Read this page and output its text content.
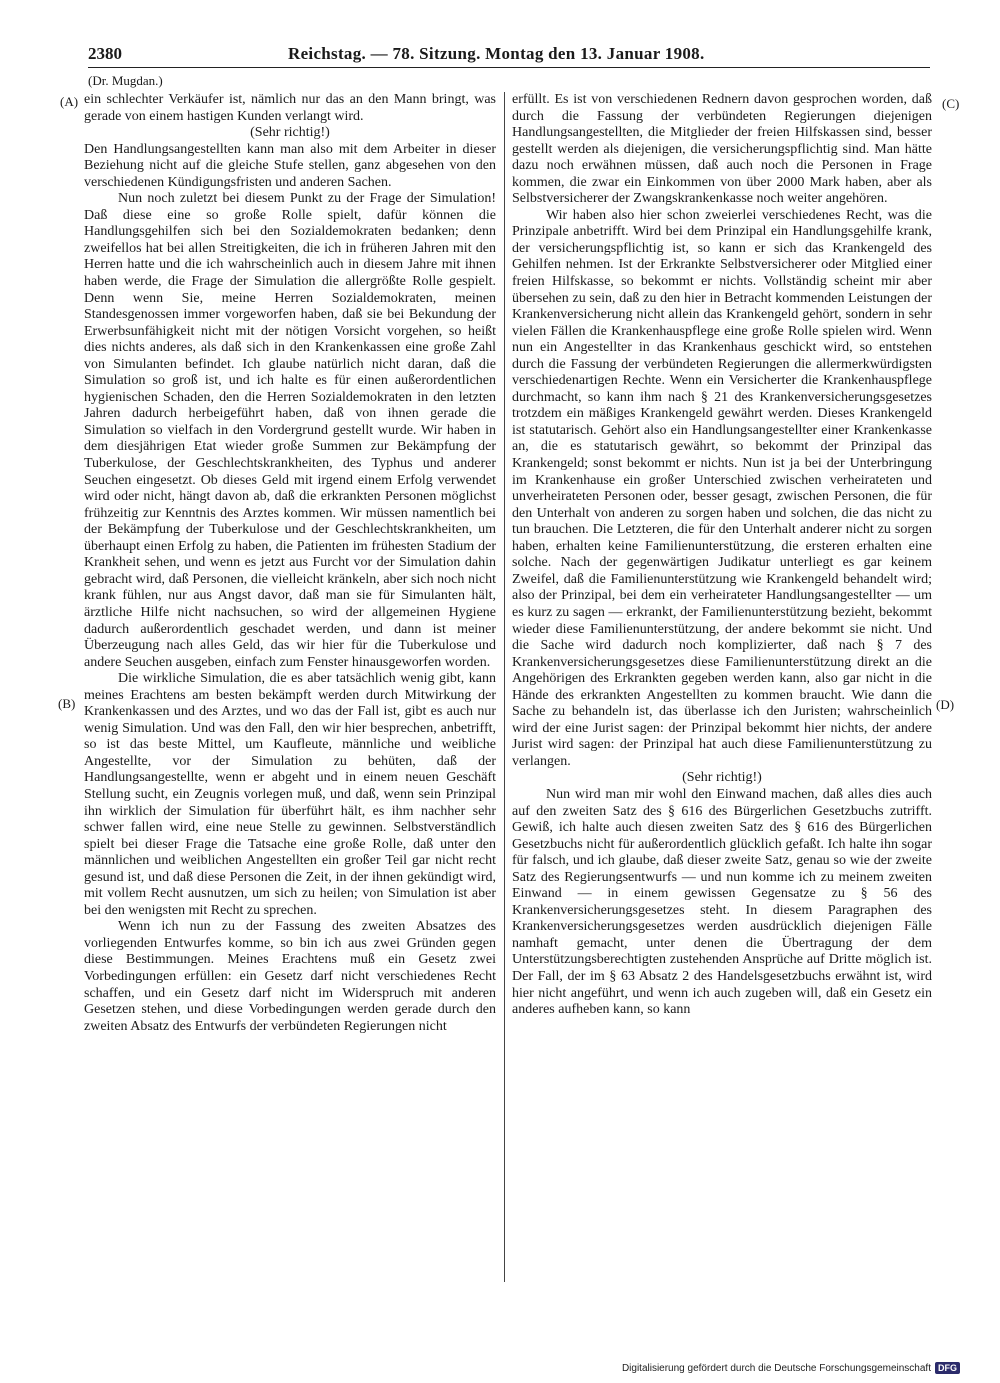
2380	Reichstag. — 78. Sitzung. Montag den 13. Januar 1908.
(Dr. Mugdan.)
(A)
(B)
(C)
(D)

ein schlechter Verkäufer ist, nämlich nur das an den Mann bringt, was gerade von einem hastigen Kunden verlangt wird.

(Sehr richtig!)

Den Handlungsangestellten kann man also mit dem Arbeiter in dieser Beziehung nicht auf die gleiche Stufe stellen, ganz abgesehen von den verschiedenen Kündigungsfristen und anderen Sachen.

Nun noch zuletzt bei diesem Punkt zu der Frage der Simulation! Daß diese eine so große Rolle spielt, dafür können die Handlungsgehilfen sich bei den Sozialdemokraten bedanken; denn zweifellos hat bei allen Streitigkeiten, die ich in früheren Jahren mit den Herren hatte und die ich wahrscheinlich auch in diesem Jahre mit ihnen haben werde, die Frage der Simulation die allergrößte Rolle gespielt. Denn wenn Sie, meine Herren Sozialdemokraten, meinen Standesgenossen immer vorgeworfen haben, daß sie bei Bekundung der Erwerbsunfähigkeit nicht mit der nötigen Vorsicht vorgehen, so heißt dies nichts anderes, als daß sich in den Krankenkassen eine große Zahl von Simulanten befindet. Ich glaube natürlich nicht daran, daß die Simulation so groß ist, und ich halte es für einen außerordentlichen hygienischen Schaden, den die Herren Sozialdemokraten in den letzten Jahren dadurch herbeigeführt haben, daß von ihnen gerade die Simulation so vielfach in den Vordergrund gestellt wurde. Wir haben in dem diesjährigen Etat wieder große Summen zur Bekämpfung der Tuberkulose, der Geschlechtskrankheiten, des Typhus und anderer Seuchen eingesetzt. Ob dieses Geld mit irgend einem Erfolg verwendet wird oder nicht, hängt davon ab, daß die erkrankten Personen möglichst frühzeitig zur Kenntnis des Arztes kommen. Wir müssen namentlich bei der Bekämpfung der Tuberkulose und der Geschlechtskrankheiten, um überhaupt einen Erfolg zu haben, die Patienten im frühesten Stadium der Krankheit sehen, und wenn es jetzt aus Furcht vor der Simulation dahin gebracht wird, daß Personen, die vielleicht kränkeln, aber sich noch nicht krank fühlen, nur aus Angst davor, daß man sie für Simulanten hält, ärztliche Hilfe nicht nachsuchen, so wird der allgemeinen Hygiene dadurch außerordentlich geschadet werden, und dann ist meiner Überzeugung nach alles Geld, das wir hier für die Tuberkulose und andere Seuchen ausgeben, einfach zum Fenster hinausgeworfen worden.

Die wirkliche Simulation, die es aber tatsächlich wenig gibt, kann meines Erachtens am besten bekämpft werden durch Mitwirkung der Krankenkassen und des Arztes, und wo das der Fall ist, gibt es auch nur wenig Simulation. Und was den Fall, den wir hier besprechen, anbetrifft, so ist das beste Mittel, um Kaufleute, männliche und weibliche Angestellte, vor der Simulation zu behüten, daß der Handlungsangestellte, wenn er abgeht und in einem neuen Geschäft Stellung sucht, ein Zeugnis vorlegen muß, und daß, wenn sein Prinzipal ihn wirklich der Simulation für überführt hält, es ihm nachher sehr schwer fallen wird, eine neue Stelle zu gewinnen. Selbstverständlich spielt bei dieser Frage die Tatsache eine große Rolle, daß unter den männlichen und weiblichen Angestellten ein großer Teil gar nicht recht gesund ist, und daß diese Personen die Zeit, in der ihnen gekündigt wird, mit vollem Recht ausnutzen, um sich zu heilen; von Simulation ist aber bei den wenigsten mit Recht zu sprechen.

Wenn ich nun zu der Fassung des zweiten Absatzes des vorliegenden Entwurfes komme, so bin ich aus zwei Gründen gegen diese Bestimmungen. Meines Erachtens muß ein Gesetz zwei Vorbedingungen erfüllen: ein Gesetz darf nicht verschiedenes Recht schaffen, und ein Gesetz darf nicht im Widerspruch mit anderen Gesetzen stehen, und diese Vorbedingungen werden gerade durch den zweiten Absatz des Entwurfs der verbündeten Regierungen nicht

erfüllt. Es ist von verschiedenen Rednern davon gesprochen worden, daß durch die Fassung der verbündeten Regierungen diejenigen Handlungsangestellten, die Mitglieder der freien Hilfskassen sind, besser gestellt werden als diejenigen, die versicherungspflichtig sind. Man hätte dazu noch erwähnen müssen, daß auch noch die Personen in Frage kommen, die zwar ein Einkommen von über 2000 Mark haben, aber als Selbstversicherer der Zwangskrankenkasse noch weiter angehören.

Wir haben also hier schon zweierlei verschiedenes Recht, was die Prinzipale anbetrifft. Wird bei dem Prinzipal ein Handlungsgehilfe krank, der versicherungspflichtig ist, so kann er sich das Krankengeld des Gehilfen nehmen. Ist der Erkrankte Selbstversicherer oder Mitglied einer freien Hilfskasse, so bekommt er nichts. Vollständig scheint mir aber übersehen zu sein, daß zu den hier in Betracht kommenden Leistungen der Krankenversicherung nicht allein das Krankengeld gehört, sondern in sehr vielen Fällen die Krankenhauspflege eine große Rolle spielen wird. Wenn nun ein Angestellter in das Krankenhaus geschickt wird, so entstehen durch die Fassung der verbündeten Regierungen die allermerkwürdigsten verschiedenartigen Rechte. Wenn ein Versicherter die Krankenhauspflege durchmacht, so kann ihm nach § 21 des Krankenversicherungsgesetzes trotzdem ein mäßiges Krankengeld gewährt werden. Dieses Krankengeld ist statutarisch. Gehört also ein Handlungsangestellter einer Krankenkasse an, die es statutarisch gewährt, so bekommt der Prinzipal das Krankengeld; sonst bekommt er nichts. Nun ist ja bei der Unterbringung im Krankenhause ein großer Unterschied zwischen verheirateten und unverheirateten Personen oder, besser gesagt, zwischen Personen, die für den Unterhalt von anderen zu sorgen haben und solchen, die das nicht zu tun brauchen. Die Letzteren, die für den Unterhalt anderer nicht zu sorgen haben, erhalten keine Familienunterstützung, die ersteren erhalten eine solche. Nach der gegenwärtigen Judikatur unterliegt es gar keinem Zweifel, daß die Familienunterstützung wie Krankengeld behandelt wird; also der Prinzipal, bei dem ein verheirateter Handlungsangestellter — um es kurz zu sagen — erkrankt, der Familienunterstützung bezieht, bekommt wieder diese Familienunterstützung, der andere bekommt sie nicht. Und die Sache wird dadurch noch komplizierter, daß nach § 7 des Krankenversicherungsgesetzes diese Familienunterstützung direkt an die Angehörigen des Erkrankten gegeben werden kann, also gar nicht in die Hände des erkrankten Angestellten zu kommen braucht. Wie dann die Sache zu behandeln ist, das überlasse ich den Juristen; wahrscheinlich wird der eine Jurist sagen: der Prinzipal bekommt hier nichts, der andere Jurist wird sagen: der Prinzipal hat auch diese Familienunterstützung zu verlangen.

(Sehr richtig!)

Nun wird man mir wohl den Einwand machen, daß alles dies auch auf den zweiten Satz des § 616 des Bürgerlichen Gesetzbuchs zutrifft. Gewiß, ich halte auch diesen zweiten Satz des § 616 des Bürgerlichen Gesetzbuchs nicht für außerordentlich glücklich gefaßt. Ich halte ihn sogar für falsch, und ich glaube, daß dieser zweite Satz, genau so wie der zweite Satz des Regierungsentwurfs — und nun komme ich zu meinem zweiten Einwand — in einem gewissen Gegensatze zu § 56 des Krankenversicherungsgesetzes steht. In diesem Paragraphen des Krankenversicherungsgesetzes werden ausdrücklich diejenigen Fälle namhaft gemacht, unter denen die Übertragung der dem Unterstützungsberechtigten zustehenden Ansprüche auf Dritte möglich ist. Der Fall, der im § 63 Absatz 2 des Handelsgesetzbuchs erwähnt ist, wird hier nicht angeführt, und wenn ich auch zugeben will, daß ein Gesetz ein anderes aufheben kann, so kann

Digitalisierung gefördert durch die Deutsche Forschungsgemeinschaft DFG
